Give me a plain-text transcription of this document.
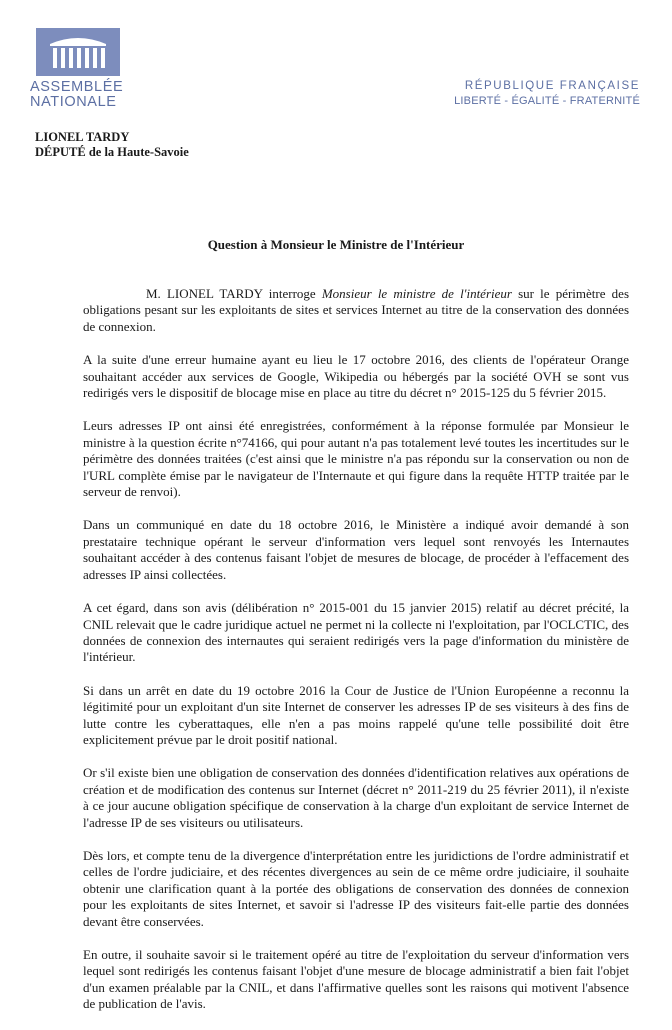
ASSEMBLÉE
NATIONALE
RÉPUBLIQUE FRANÇAISE
LIBERTÉ - ÉGALITÉ - FRATERNITÉ
LIONEL TARDY
DÉPUTÉ de la Haute-Savoie
Question à Monsieur le Ministre de l'Intérieur

M. LIONEL TARDY interroge Monsieur le ministre de l'intérieur sur le périmètre des obligations pesant sur les exploitants de sites et services Internet au titre de la conservation des données de connexion.

A la suite d'une erreur humaine ayant eu lieu le 17 octobre 2016, des clients de l'opérateur Orange souhaitant accéder aux services de Google, Wikipedia ou hébergés par la société OVH se sont vus redirigés vers le dispositif de blocage mise en place au titre du décret n° 2015-125 du 5 février 2015.

Leurs adresses IP ont ainsi été enregistrées, conformément à la réponse formulée par Monsieur le ministre à la question écrite n°74166, qui pour autant n'a pas totalement levé toutes les incertitudes sur le périmètre des données traitées (c'est ainsi que le ministre n'a pas répondu sur la conservation ou non de l'URL complète émise par le navigateur de l'Internaute et qui figure dans la requête HTTP traitée par le serveur de renvoi).

Dans un communiqué en date du 18 octobre 2016, le Ministère a indiqué avoir demandé à son prestataire technique opérant le serveur d'information vers lequel sont renvoyés les Internautes souhaitant accéder à des contenus faisant l'objet de mesures de blocage, de procéder à l'effacement des adresses IP ainsi collectées.

A cet égard, dans son avis (délibération n° 2015-001 du 15 janvier 2015) relatif au décret précité, la CNIL relevait que le cadre juridique actuel ne permet ni la collecte ni l'exploitation, par l'OCLCTIC, des données de connexion des internautes qui seraient redirigés vers la page d'information du ministère de l'intérieur.

Si dans un arrêt en date du 19 octobre 2016 la Cour de Justice de l'Union Européenne a reconnu la légitimité pour un exploitant d'un site Internet de conserver les adresses IP de ses visiteurs à des fins de lutte contre les cyberattaques, elle n'en a pas moins rappelé qu'une telle possibilité doit être explicitement prévue par le droit positif national.

Or s'il existe bien une obligation de conservation des données d'identification relatives aux opérations de création et de modification des contenus sur Internet (décret n° 2011-219 du 25 février 2011), il n'existe à ce jour aucune obligation spécifique de conservation à la charge d'un exploitant de service Internet de l'adresse IP de ses visiteurs ou utilisateurs.

Dès lors, et compte tenu de la divergence d'interprétation entre les juridictions de l'ordre administratif et celles de l'ordre judiciaire, et des récentes divergences au sein de ce même ordre judiciaire, il souhaite obtenir une clarification quant à la portée des obligations de conservation des données de connexion pour les exploitants de sites Internet, et savoir si l'adresse IP des visiteurs fait-elle partie des données devant être conservées.

En outre, il souhaite savoir si le traitement opéré au titre de l'exploitation du serveur d'information vers lequel sont redirigés les contenus faisant l'objet d'une mesure de blocage administratif a bien fait l'objet d'un examen préalable par la CNIL, et dans l'affirmative quelles sont les raisons qui motivent l'absence de publication de l'avis.
